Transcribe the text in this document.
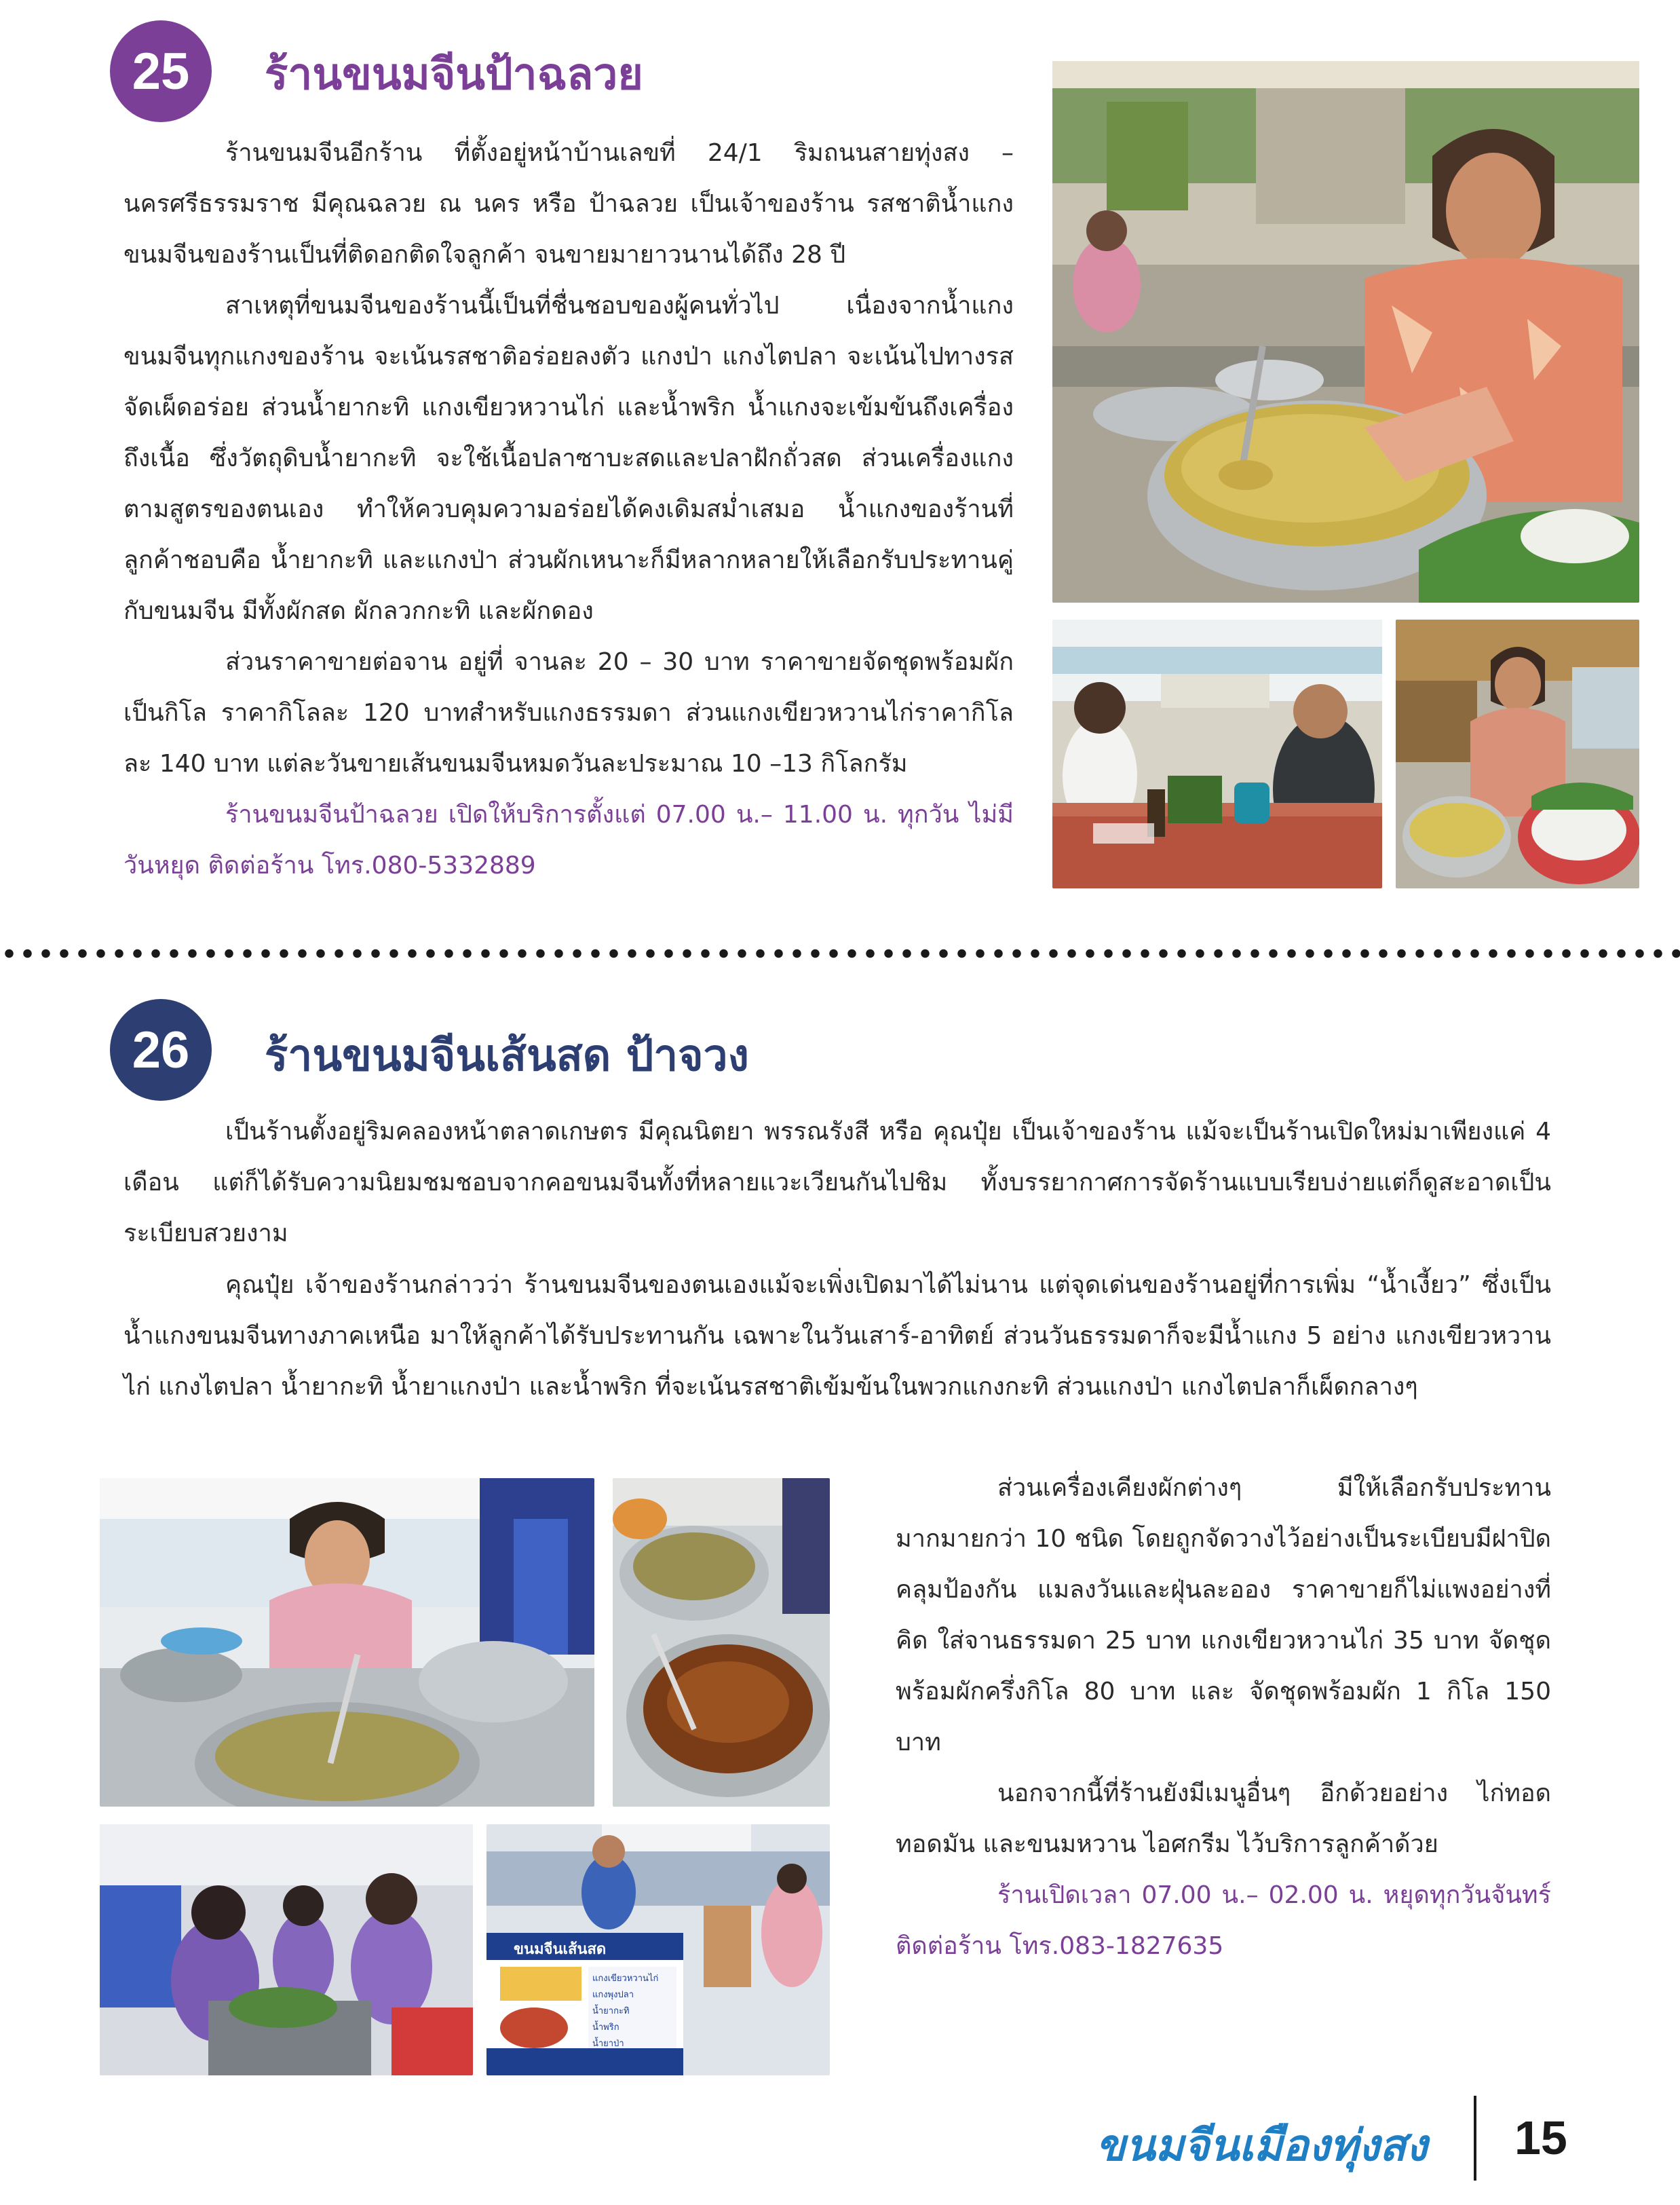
25 ร้านขนมจีนป้าฉลวย

ร้านขนมจีนอีกร้าน ที่ตั้งอยู่หน้าบ้านเลขที่ 24/1 ริมถนนสายทุ่งสง – นครศรีธรรมราช มีคุณฉลวย ณ นคร หรือ ป้าฉลวย เป็นเจ้าของร้าน รสชาติน้ำแกงขนมจีนของร้านเป็นที่ติดอกติดใจลูกค้า จนขายมายาวนานได้ถึง 28 ปี

สาเหตุที่ขนมจีนของร้านนี้เป็นที่ชื่นชอบของผู้คนทั่วไป เนื่องจากน้ำแกงขนมจีนทุกแกงของร้าน จะเน้นรสชาติอร่อยลงตัว แกงป่า แกงไตปลา จะเน้นไปทางรสจัดเผ็ดอร่อย ส่วนน้ำยากะทิ แกงเขียวหวานไก่ และน้ำพริก น้ำแกงจะเข้มข้นถึงเครื่องถึงเนื้อ ซึ่งวัตถุดิบน้ำยากะทิ จะใช้เนื้อปลาซาบะสดและปลาฝักถั่วสด ส่วนเครื่องแกงตามสูตรของตนเอง ทำให้ควบคุมความอร่อยได้คงเดิมสม่ำเสมอ น้ำแกงของร้านที่ลูกค้าชอบคือ น้ำยากะทิ และแกงป่า ส่วนผักเหนาะก็มีหลากหลายให้เลือกรับประทานคู่กับขนมจีน มีทั้งผักสด ผักลวกกะทิ และผักดอง

ส่วนราคาขายต่อจาน อยู่ที่ จานละ 20 – 30 บาท ราคาขายจัดชุดพร้อมผักเป็นกิโล ราคากิโลละ 120 บาทสำหรับแกงธรรมดา ส่วนแกงเขียวหวานไก่ราคากิโลละ 140 บาท แต่ละวันขายเส้นขนมจีนหมดวันละประมาณ 10 –13 กิโลกรัม

ร้านขนมจีนป้าฉลวย เปิดให้บริการตั้งแต่ 07.00 น.– 11.00 น. ทุกวัน ไม่มีวันหยุด ติดต่อร้าน โทร.080-5332889

26 ร้านขนมจีนเส้นสด ป้าจวง

เป็นร้านตั้งอยู่ริมคลองหน้าตลาดเกษตร มีคุณนิตยา พรรณรังสี หรือ คุณปุ๋ย เป็นเจ้าของร้าน แม้จะเป็นร้านเปิดใหม่มาเพียงแค่ 4 เดือน แต่ก็ได้รับความนิยมชมชอบจากคอขนมจีนทั้งที่หลายแวะเวียนกันไปชิม ทั้งบรรยากาศการจัดร้านแบบเรียบง่ายแต่ก็ดูสะอาดเป็นระเบียบสวยงาม

คุณปุ๋ย เจ้าของร้านกล่าวว่า ร้านขนมจีนของตนเองแม้จะเพิ่งเปิดมาได้ไม่นาน แต่จุดเด่นของร้านอยู่ที่การเพิ่ม “น้ำเงี้ยว” ซึ่งเป็นน้ำแกงขนมจีนทางภาคเหนือ มาให้ลูกค้าได้รับประทานกัน เฉพาะในวันเสาร์-อาทิตย์ ส่วนวันธรรมดาก็จะมีน้ำแกง 5 อย่าง แกงเขียวหวานไก่ แกงไตปลา น้ำยากะทิ น้ำยาแกงป่า และน้ำพริก ที่จะเน้นรสชาติเข้มข้นในพวกแกงกะทิ ส่วนแกงป่า แกงไตปลาก็เผ็ดกลางๆ

ส่วนเครื่องเคียงผักต่างๆ มีให้เลือกรับประทานมากมายกว่า 10 ชนิด โดยถูกจัดวางไว้อย่างเป็นระเบียบมีฝาปิดคลุมป้องกัน แมลงวันและฝุ่นละออง ราคาขายก็ไม่แพงอย่างที่คิด ใส่จานธรรมดา 25 บาท แกงเขียวหวานไก่ 35 บาท จัดชุดพร้อมผักครึ่งกิโล 80 บาท และ จัดชุดพร้อมผัก 1 กิโล 150 บาท

นอกจากนี้ที่ร้านยังมีเมนูอื่นๆ อีกด้วยอย่าง ไก่ทอด ทอดมัน และขนมหวาน ไอศกรีม ไว้บริการลูกค้าด้วย

ร้านเปิดเวลา 07.00 น.– 02.00 น. หยุดทุกวันจันทร์ ติดต่อร้าน โทร.083-1827635

ขนมจีนเส้นสด
แกงเขียวหวานไก่
แกงพุงปลา
น้ำยากะทิ
น้ำพริก
น้ำยาป่า
ขนมจีนเมืองทุ่งสง 15
